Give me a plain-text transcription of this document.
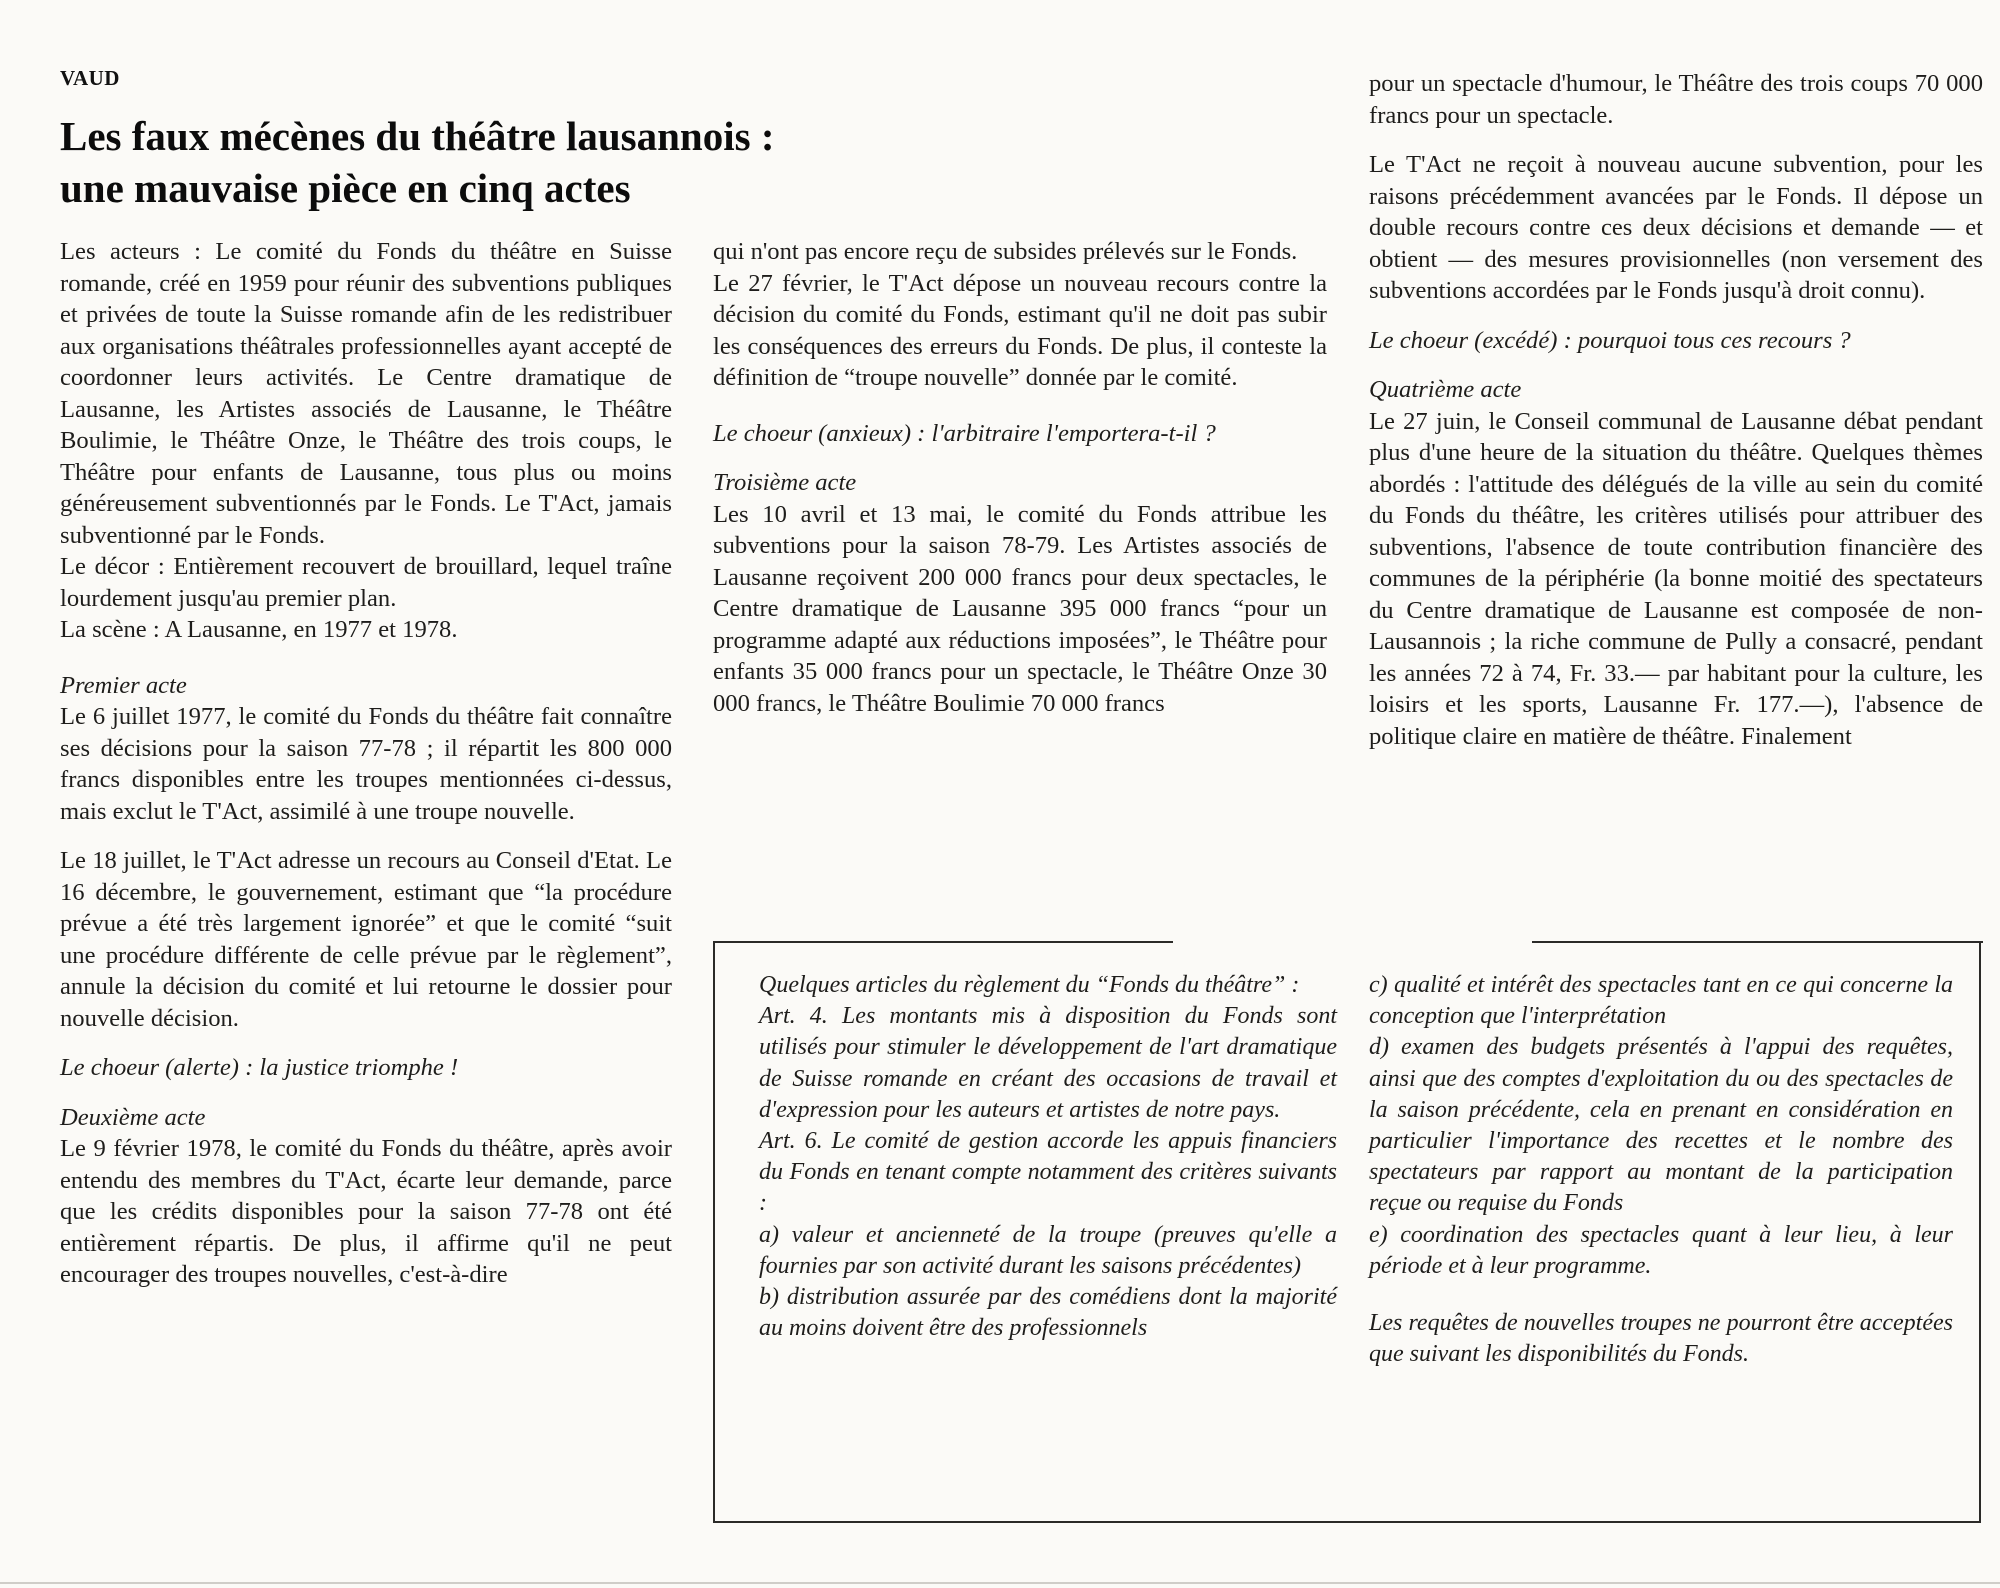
VAUD
Les faux mécènes du théâtre lausannois :
une mauvaise pièce en cinq actes

Les acteurs : Le comité du Fonds du théâtre en Suisse romande, créé en 1959 pour réunir des subventions publiques et privées de toute la Suisse romande afin de les redistribuer aux organisations théâtrales professionnelles ayant accepté de coordonner leurs activités. Le Centre dramatique de Lausanne, les Artistes associés de Lausanne, le Théâtre Boulimie, le Théâtre Onze, le Théâtre des trois coups, le Théâtre pour enfants de Lausanne, tous plus ou moins généreusement subventionnés par le Fonds. Le T'Act, jamais subventionné par le Fonds.

Le décor : Entièrement recouvert de brouillard, lequel traîne lourdement jusqu'au premier plan.

La scène : A Lausanne, en 1977 et 1978.

Premier acte

Le 6 juillet 1977, le comité du Fonds du théâtre fait connaître ses décisions pour la saison 77-78 ; il répartit les 800 000 francs disponibles entre les troupes mentionnées ci-dessus, mais exclut le T'Act, assimilé à une troupe nouvelle.

Le 18 juillet, le T'Act adresse un recours au Conseil d'Etat. Le 16 décembre, le gouvernement, estimant que “la procédure prévue a été très largement ignorée” et que le comité “suit une procédure différente de celle prévue par le règlement”, annule la décision du comité et lui retourne le dossier pour nouvelle décision.

Le choeur (alerte) : la justice triomphe !

Deuxième acte

Le 9 février 1978, le comité du Fonds du théâtre, après avoir entendu des membres du T'Act, écarte leur demande, parce que les crédits disponibles pour la saison 77-78 ont été entièrement répartis. De plus, il affirme qu'il ne peut encourager des troupes nouvelles, c'est-à-dire

qui n'ont pas encore reçu de subsides prélevés sur le Fonds.

Le 27 février, le T'Act dépose un nouveau recours contre la décision du comité du Fonds, estimant qu'il ne doit pas subir les conséquences des erreurs du Fonds. De plus, il conteste la définition de “troupe nouvelle” donnée par le comité.

Le choeur (anxieux) : l'arbitraire l'emportera-t-il ?

Troisième acte

Les 10 avril et 13 mai, le comité du Fonds attribue les subventions pour la saison 78-79. Les Artistes associés de Lausanne reçoivent 200 000 francs pour deux spectacles, le Centre dramatique de Lausanne 395 000 francs “pour un programme adapté aux réductions imposées”, le Théâtre pour enfants 35 000 francs pour un spectacle, le Théâtre Onze 30 000 francs, le Théâtre Boulimie 70 000 francs

pour un spectacle d'humour, le Théâtre des trois coups 70 000 francs pour un spectacle.

Le T'Act ne reçoit à nouveau aucune subvention, pour les raisons précédemment avancées par le Fonds. Il dépose un double recours contre ces deux décisions et demande — et obtient — des mesures provisionnelles (non versement des subventions accordées par le Fonds jusqu'à droit connu).

Le choeur (excédé) : pourquoi tous ces recours ?

Quatrième acte

Le 27 juin, le Conseil communal de Lausanne débat pendant plus d'une heure de la situation du théâtre. Quelques thèmes abordés : l'attitude des délégués de la ville au sein du comité du Fonds du théâtre, les critères utilisés pour attribuer des subventions, l'absence de toute contribution financière des communes de la périphérie (la bonne moitié des spectateurs du Centre dramatique de Lausanne est composée de non-Lausannois ; la riche commune de Pully a consacré, pendant les années 72 à 74, Fr. 33.— par habitant pour la culture, les loisirs et les sports, Lausanne Fr. 177.—), l'absence de politique claire en matière de théâtre. Finalement

Quelques articles du règlement du “Fonds du théâtre” :

Art. 4. Les montants mis à disposition du Fonds sont utilisés pour stimuler le développement de l'art dramatique de Suisse romande en créant des occasions de travail et d'expression pour les auteurs et artistes de notre pays.

Art. 6. Le comité de gestion accorde les appuis financiers du Fonds en tenant compte notamment des critères suivants :

a) valeur et ancienneté de la troupe (preuves qu'elle a fournies par son activité durant les saisons précédentes)

b) distribution assurée par des comédiens dont la majorité au moins doivent être des professionnels

c) qualité et intérêt des spectacles tant en ce qui concerne la conception que l'interprétation

d) examen des budgets présentés à l'appui des requêtes, ainsi que des comptes d'exploitation du ou des spectacles de la saison précédente, cela en prenant en considération en particulier l'importance des recettes et le nombre des spectateurs par rapport au montant de la participation reçue ou requise du Fonds

e) coordination des spectacles quant à leur lieu, à leur période et à leur programme.

Les requêtes de nouvelles troupes ne pourront être acceptées que suivant les disponibilités du Fonds.
